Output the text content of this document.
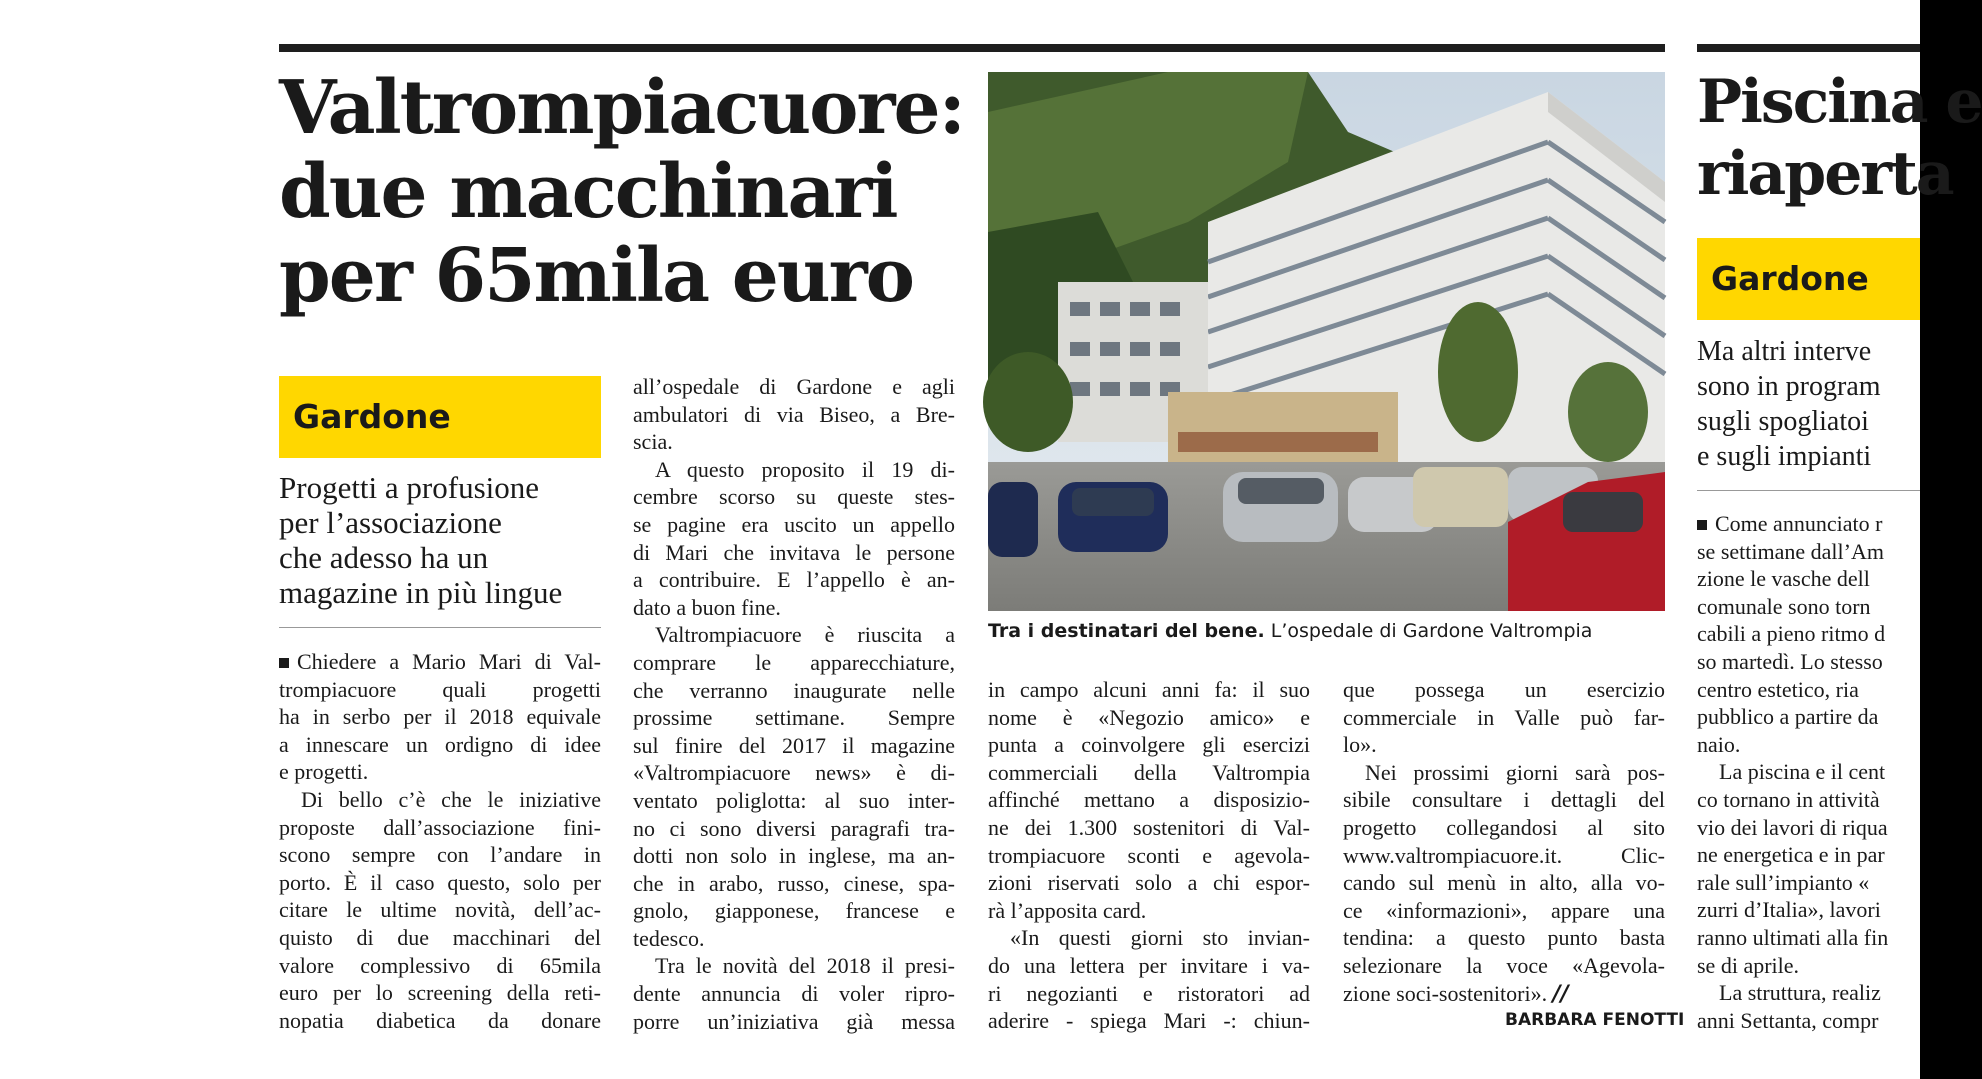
Valtrompiacuore:
due macchinari
per 65mila euro
Gardone
Progetti a profusione
per l’associazione
che adesso ha un
magazine in più lingue
Chiedere a Mario Mari di Val-
trompiacuore quali progetti
ha in serbo per il 2018 equivale
a innescare un ordigno di idee
e progetti.
Di bello c’è che le iniziative
proposte dall’associazione fini-
scono sempre con l’andare in
porto. È il caso questo, solo per
citare le ultime novità, dell’ac-
quisto di due macchinari del
valore complessivo di 65mila
euro per lo screening della reti-
nopatia diabetica da donare
all’ospedale di Gardone e agli
ambulatori di via Biseo, a Bre-
scia.
A questo proposito il 19 di-
cembre scorso su queste stes-
se pagine era uscito un appello
di Mari che invitava le persone
a contribuire. E l’appello è an-
dato a buon fine.
Valtrompiacuore è riuscita a
comprare le apparecchiature,
che verranno inaugurate nelle
prossime settimane. Sempre
sul finire del 2017 il magazine
«Valtrompiacuore news» è di-
ventato poliglotta: al suo inter-
no ci sono diversi paragrafi tra-
dotti non solo in inglese, ma an-
che in arabo, russo, cinese, spa-
gnolo, giapponese, francese e
tedesco.
Tra le novità del 2018 il presi-
dente annuncia di voler ripro-
porre un’iniziativa già messa
Tra i destinatari del bene. L’ospedale di Gardone Valtrompia
in campo alcuni anni fa: il suo
nome è «Negozio amico» e
punta a coinvolgere gli esercizi
commerciali della Valtrompia
affinché mettano a disposizio-
ne dei 1.300 sostenitori di Val-
trompiacuore sconti e agevola-
zioni riservati solo a chi espor-
rà l’apposita card.
«In questi giorni sto invian-
do una lettera per invitare i va-
ri negozianti e ristoratori ad
aderire - spiega Mari -: chiun-
que possega un esercizio
commerciale in Valle può far-
lo».
Nei prossimi giorni sarà pos-
sibile consultare i dettagli del
progetto collegandosi al sito
www.valtrompiacuore.it. Clic-
cando sul menù in alto, alla vo-
ce «informazioni», appare una
tendina: a questo punto basta
selezionare la voce «Agevola-
zione soci-sostenitori». //
BARBARA FENOTTI
Piscina e
riaperta
Gardone
Ma altri interve
sono in program
sugli spogliatoi
e sugli impianti
Come annunciato r
se settimane dall’Am
zione le vasche dell
comunale sono torn
cabili a pieno ritmo d
so martedì. Lo stesso
centro estetico, ria
pubblico a partire da
naio.
La piscina e il cent
co tornano in attività
vio dei lavori di riqua
ne energetica e in par
rale sull’impianto «
zurri d’Italia», lavori
ranno ultimati alla fin
se di aprile.
La struttura, realiz
anni Settanta, compr
